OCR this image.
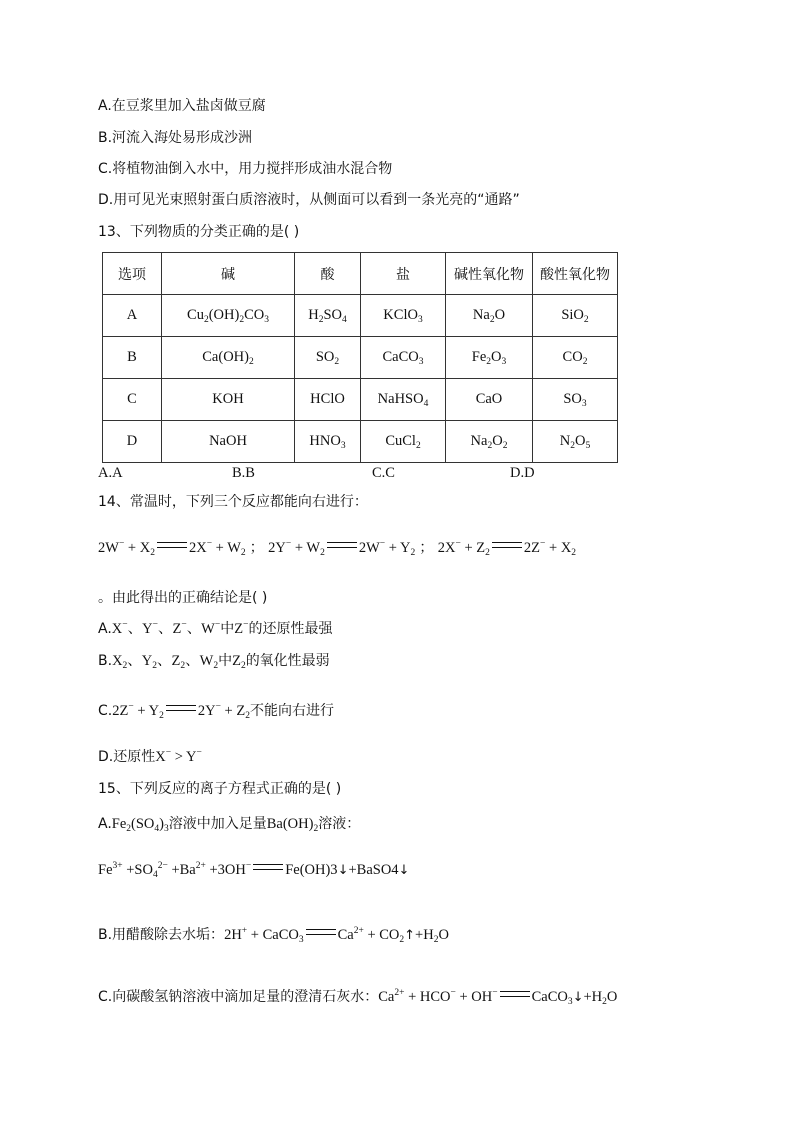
A.在豆浆里加入盐卤做豆腐
B.河流入海处易形成沙洲
C.将植物油倒入水中，用力搅拌形成油水混合物
D.用可见光束照射蛋白质溶液时，从侧面可以看到一条光亮的“通路”
13、下列物质的分类正确的是( )
选项	碱	酸	盐	碱性氧化物	酸性氧化物
A	$Cu_2(OH)_2CO_3$	$H_2SO_4$	KClO$_3$	$Na_2O$	SiO$_2$
B	$Ca(OH)_2$	$SO_2$	CaCO$_3$	$Fe_2O_3$	$CO_2$
C	KOH	HClO	NaHSO$_4$	CaO	$SO_3$
D	NaOH	$HNO_3$	CuCl$_2$	$Na_2O_2$	$N_2O_5$
A.A	B.B	C.C	D.D
14、常温时，下列三个反应都能向右进行：
$2W^- + X_2$ $2X^- + W_2$ ； $2Y^- + W_2$ $2W^- + Y_2$ ； $2X^- + Z_2$ $2Z^- + X_2$
。由此得出的正确结论是( )
A.X−、Y−、Z−、W−中Z−的还原性最强
$B.X_2$、$Y_2$、$Z_2$、$W_2$中$Z_2$的氧化性最弱
$C.2Z^- + Y_2$ $2Y^- + Z_2$不能向右进行
D.还原性X− > Y−
15、下列反应的离子方程式正确的是( )
$A.Fe_2(SO_4)_3$溶液中加入足量$Ba(OH)_2$溶液：
$Fe^{3+} +SO_4^{2-} +Ba^{2+} +3OH^-$ Fe(OH)3↓+BaSO4↓
B.用醋酸除去水垢：2H+ + CaCO$_3$ $Ca^{2+}$ + $CO_2↑+H_2O$
C.向碳酸氢钠溶液中滴加足量的澄清石灰水：$Ca^{2+} + HCO^- + OH^-$ $CaCO_3↓+H_2O$
